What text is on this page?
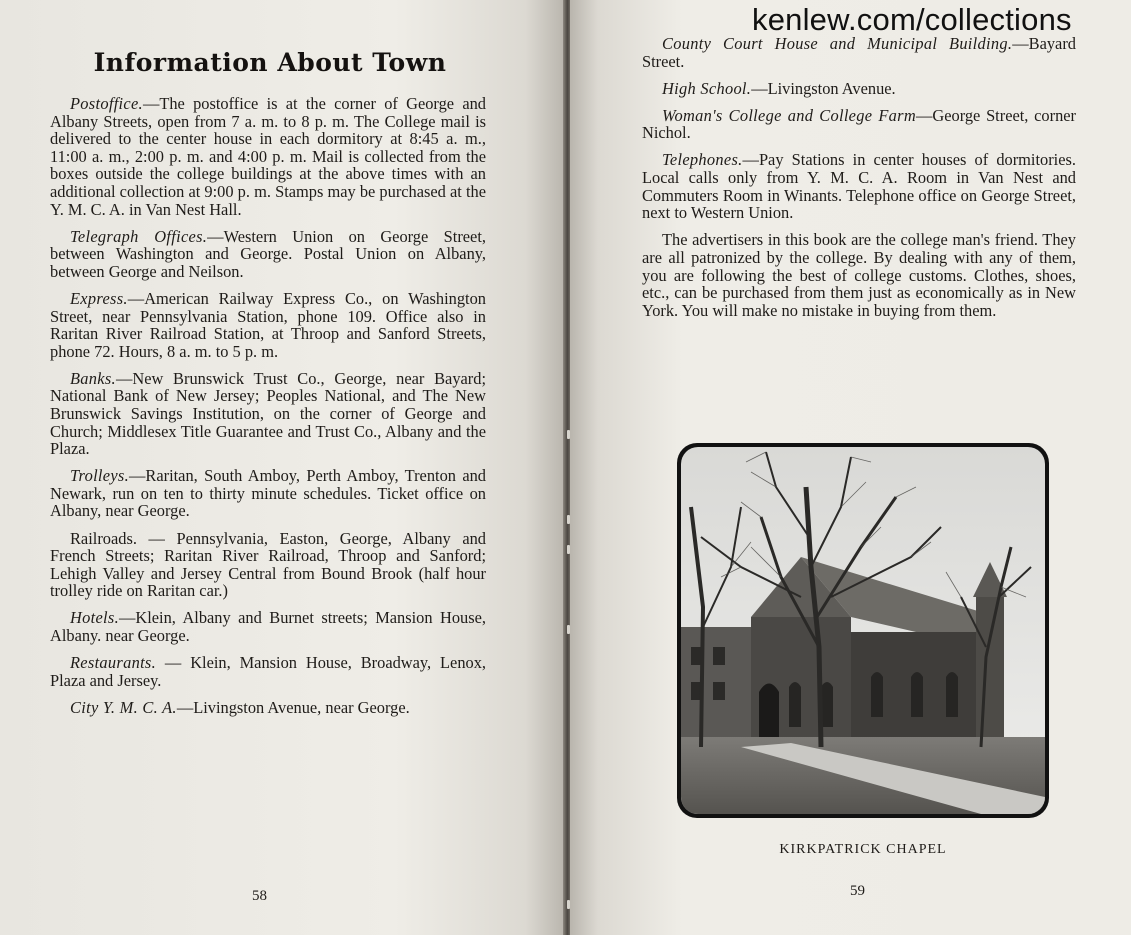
Information About Town

Postoffice.—The postoffice is at the corner of George and Albany Streets, open from 7 a. m. to 8 p. m. The College mail is delivered to the center house in each dormitory at 8:45 a. m., 11:00 a. m., 2:00 p. m. and 4:00 p. m. Mail is collected from the boxes outside the college buildings at the above times with an additional collection at 9:00 p. m. Stamps may be purchased at the Y. M. C. A. in Van Nest Hall.

Telegraph Offices.—Western Union on George Street, between Washington and George. Postal Union on Albany, between George and Neilson.

Express.—American Railway Express Co., on Washington Street, near Pennsylvania Station, phone 109. Office also in Raritan River Railroad Station, at Throop and Sanford Streets, phone 72. Hours, 8 a. m. to 5 p. m.

Banks.—New Brunswick Trust Co., George, near Bayard; National Bank of New Jersey; Peoples National, and The New Brunswick Savings Institution, on the corner of George and Church; Middlesex Title Guarantee and Trust Co., Albany and the Plaza.

Trolleys.—Raritan, South Amboy, Perth Amboy, Trenton and Newark, run on ten to thirty minute schedules. Ticket office on Albany, near George.

Railroads. — Pennsylvania, Easton, George, Albany and French Streets; Raritan River Railroad, Throop and Sanford; Lehigh Valley and Jersey Central from Bound Brook (half hour trolley ride on Raritan car.)

Hotels.—Klein, Albany and Burnet streets; Mansion House, Albany. near George.

Restaurants. — Klein, Mansion House, Broadway, Lenox, Plaza and Jersey.

City Y. M. C. A.—Livingston Avenue, near George.

58

County Court House and Municipal Building.—Bayard Street.

High School.—Livingston Avenue.

Woman's College and College Farm—George Street, corner Nichol.

Telephones.—Pay Stations in center houses of dormitories. Local calls only from Y. M. C. A. Room in Van Nest and Commuters Room in Winants. Telephone office on George Street, next to Western Union.

The advertisers in this book are the college man's friend. They are all patronized by the college. By dealing with any of them, you are following the best of college customs. Clothes, shoes, etc., can be purchased from them just as economically as in New York. You will make no mistake in buying from them.

KIRKPATRICK CHAPEL
59
kenlew.com/collections
